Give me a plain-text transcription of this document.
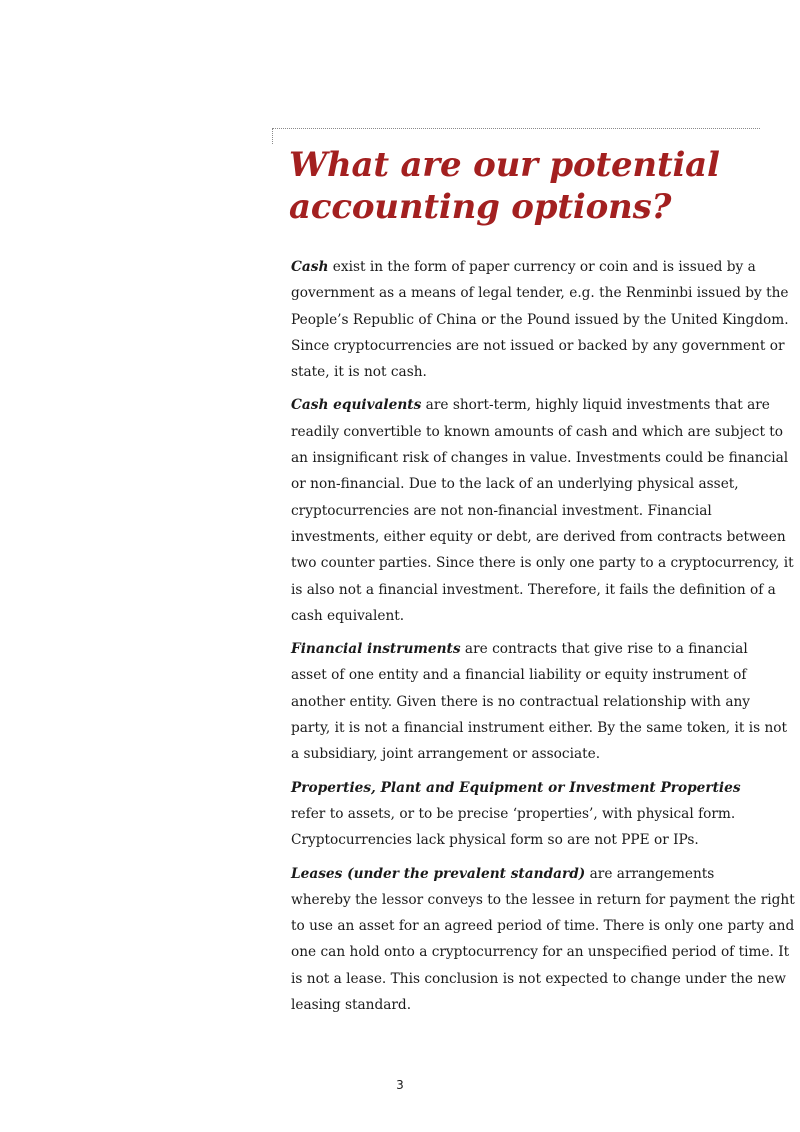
What are our potential
accounting options?

Cash exist in the form of paper currency or coin and is issued by a
government as a means of legal tender, e.g. the Renminbi issued by the
People’s Republic of China or the Pound issued by the United Kingdom.
Since cryptocurrencies are not issued or backed by any government or
state, it is not cash.

Cash equivalents are short-term, highly liquid investments that are
readily convertible to known amounts of cash and which are subject to
an insignificant risk of changes in value. Investments could be financial
or non-financial. Due to the lack of an underlying physical asset,
cryptocurrencies are not non-financial investment. Financial
investments, either equity or debt, are derived from contracts between
two counter parties. Since there is only one party to a cryptocurrency, it
is also not a financial investment. Therefore, it fails the definition of a
cash equivalent.

Financial instruments are contracts that give rise to a financial
asset of one entity and a financial liability or equity instrument of
another entity. Given there is no contractual relationship with any
party, it is not a financial instrument either. By the same token, it is not
a subsidiary, joint arrangement or associate.

Properties, Plant and Equipment or Investment Properties
refer to assets, or to be precise ‘properties’, with physical form.
Cryptocurrencies lack physical form so are not PPE or IPs.

Leases (under the prevalent standard) are arrangements
whereby the lessor conveys to the lessee in return for payment the right
to use an asset for an agreed period of time. There is only one party and
one can hold onto a cryptocurrency for an unspecified period of time. It
is not a lease. This conclusion is not expected to change under the new
leasing standard.

3
